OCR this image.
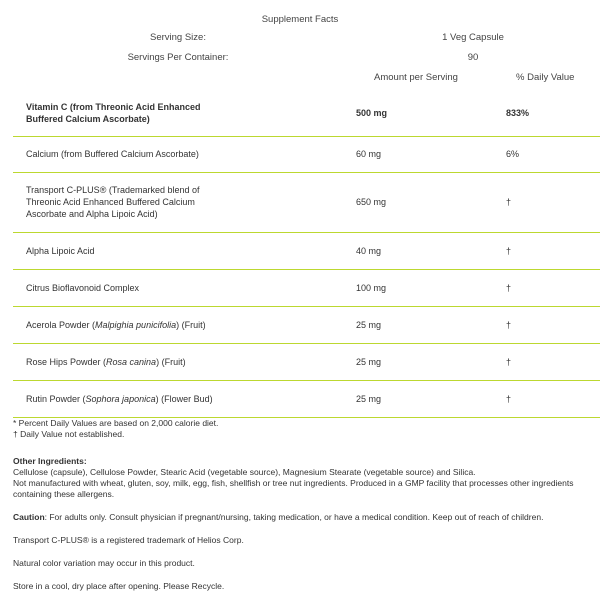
Supplement Facts
Serving Size:	1 Veg Capsule
Servings Per Container:	90
Amount per Serving	% Daily Value
Vitamin C (from Threonic Acid Enhanced Buffered Calcium Ascorbate)	500 mg	833%
Calcium (from Buffered Calcium Ascorbate)	60 mg	6%

Transport C-PLUS® (Trademarked blend of Threonic Acid Enhanced Buffered Calcium Ascorbate and Alpha Lipoic Acid)	650 mg	†
Alpha Lipoic Acid	40 mg	†
Citrus Bioflavonoid Complex	100 mg	†
Acerola Powder (Malpighia punicifolia) (Fruit)	25 mg	†
Rose Hips Powder (Rosa canina) (Fruit)	25 mg	†
Rutin Powder (Sophora japonica) (Flower Bud)	25 mg	†

* Percent Daily Values are based on 2,000 calorie diet.

† Daily Value not established.

Other Ingredients:

Cellulose (capsule), Cellulose Powder, Stearic Acid (vegetable source), Magnesium Stearate (vegetable source) and Silica.

Not manufactured with wheat, gluten, soy, milk, egg, fish, shellfish or tree nut ingredients. Produced in a GMP facility that processes other ingredients containing these allergens.

Caution: For adults only. Consult physician if pregnant/nursing, taking medication, or have a medical condition. Keep out of reach of children.

Transport C-PLUS® is a registered trademark of Helios Corp.

Natural color variation may occur in this product.

Store in a cool, dry place after opening. Please Recycle.
